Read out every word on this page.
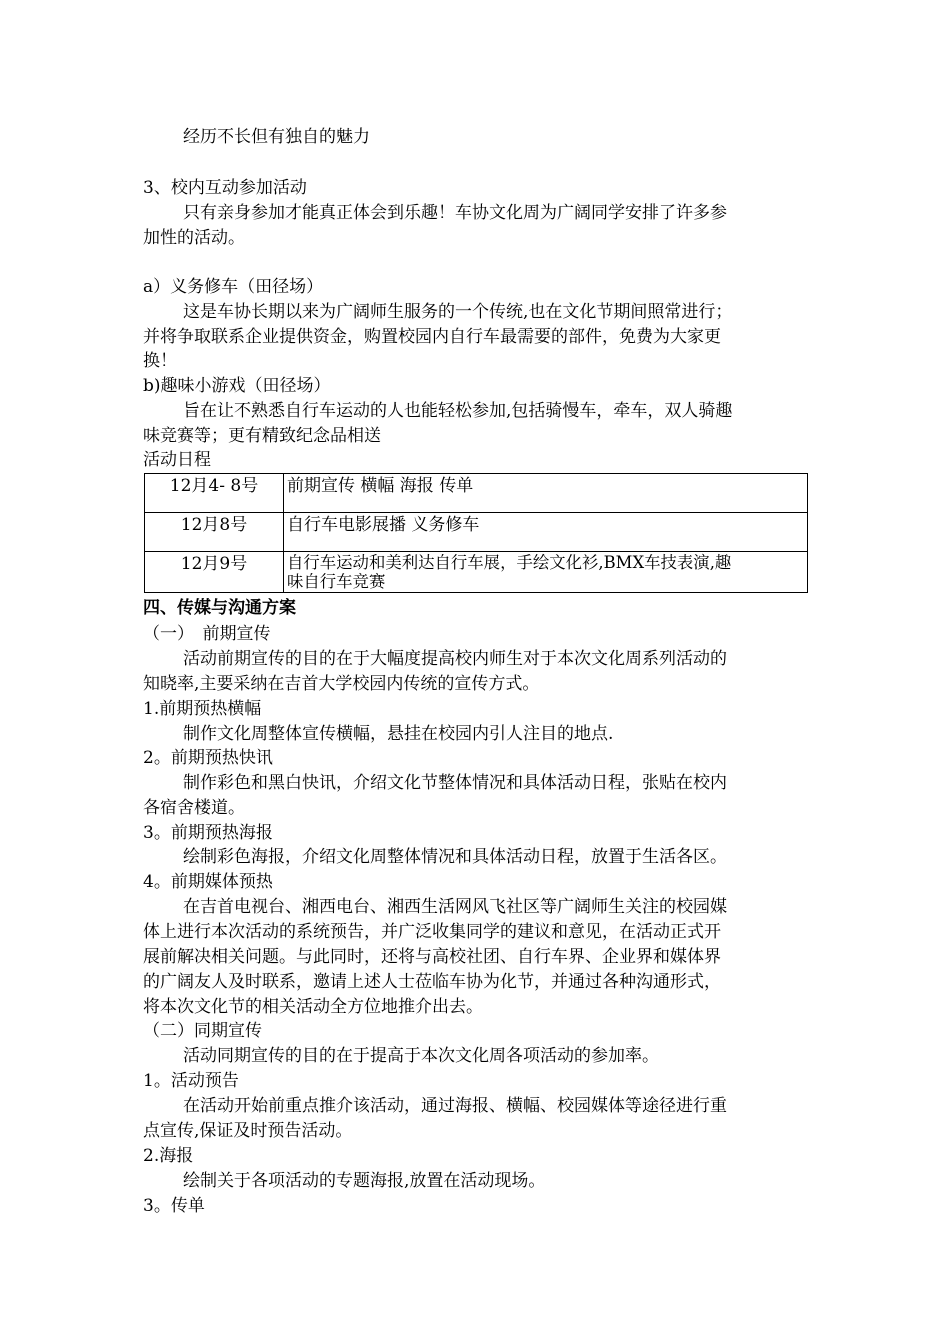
经历不长但有独自的魅力
3、校内互动参加活动
只有亲身参加才能真正体会到乐趣！车协文化周为广阔同学安排了许多参
加性的活动。
a）义务修车（田径场）
这是车协长期以来为广阔师生服务的一个传统,也在文化节期间照常进行；
并将争取联系企业提供资金，购置校园内自行车最需要的部件，免费为大家更
换！
b)趣味小游戏（田径场）
旨在让不熟悉自行车运动的人也能轻松参加,包括骑慢车，牵车，双人骑趣
味竞赛等；更有精致纪念品相送
活动日程
12月4- 8号	前期宣传 横幅 海报 传单
12月8号	自行车电影展播 义务修车
12月9号	自行车运动和美利达自行车展，手绘文化衫,BMX车技表演,趣
味自行车竞赛
四、传媒与沟通方案
（一）　前期宣传
活动前期宣传的目的在于大幅度提高校内师生对于本次文化周系列活动的
知晓率,主要采纳在吉首大学校园内传统的宣传方式。
1.前期预热横幅
制作文化周整体宣传横幅，悬挂在校园内引人注目的地点.
2。前期预热快讯
制作彩色和黑白快讯，介绍文化节整体情况和具体活动日程，张贴在校内
各宿舍楼道。
3。前期预热海报
绘制彩色海报，介绍文化周整体情况和具体活动日程，放置于生活各区。
4。前期媒体预热
在吉首电视台、湘西电台、湘西生活网风飞社区等广阔师生关注的校园媒
体上进行本次活动的系统预告，并广泛收集同学的建议和意见，在活动正式开
展前解决相关问题。与此同时，还将与高校社团、自行车界、企业界和媒体界
的广阔友人及时联系，邀请上述人士莅临车协为化节，并通过各种沟通形式，
将本次文化节的相关活动全方位地推介出去。
（二）同期宣传
活动同期宣传的目的在于提高于本次文化周各项活动的参加率。
1。活动预告
在活动开始前重点推介该活动，通过海报、横幅、校园媒体等途径进行重
点宣传,保证及时预告活动。
2.海报
绘制关于各项活动的专题海报,放置在活动现场。
3。传单
